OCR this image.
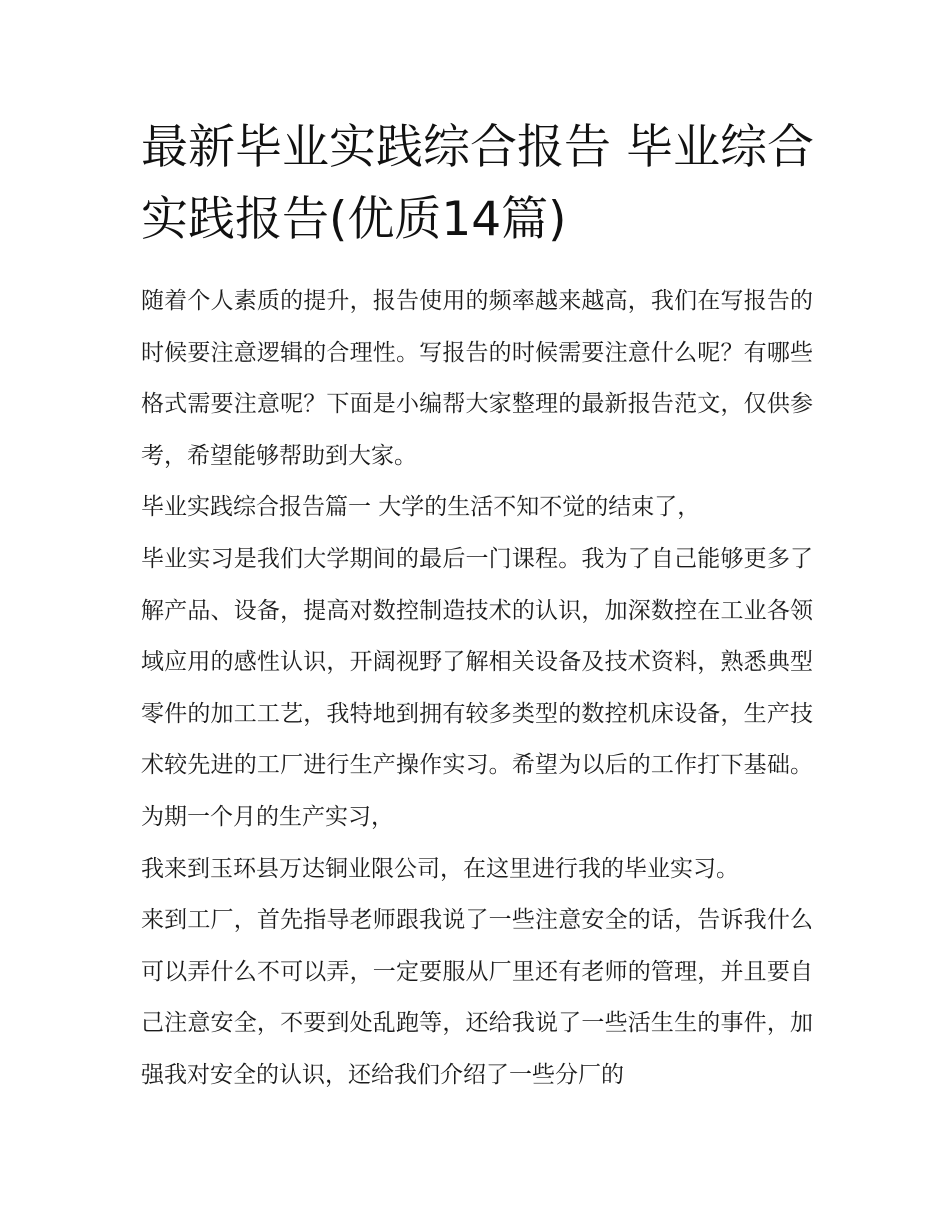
最新毕业实践综合报告 毕业综合实践报告(优质14篇)

随着个人素质的提升，报告使用的频率越来越高，我们在写报告的时候要注意逻辑的合理性。写报告的时候需要注意什么呢？有哪些格式需要注意呢？下面是小编帮大家整理的最新报告范文，仅供参考，希望能够帮助到大家。

毕业实践综合报告篇一 大学的生活不知不觉的结束了，

毕业实习是我们大学期间的最后一门课程。我为了自己能够更多了解产品、设备，提高对数控制造技术的认识，加深数控在工业各领域应用的感性认识，开阔视野了解相关设备及技术资料，熟悉典型零件的加工工艺，我特地到拥有较多类型的数控机床设备，生产技术较先进的工厂进行生产操作实习。希望为以后的工作打下基础。为期一个月的生产实习，

我来到玉环县万达铜业限公司，在这里进行我的毕业实习。

来到工厂，首先指导老师跟我说了一些注意安全的话，告诉我什么可以弄什么不可以弄，一定要服从厂里还有老师的管理，并且要自己注意安全，不要到处乱跑等，还给我说了一些活生生的事件，加强我对安全的认识，还给我们介绍了一些分厂的
